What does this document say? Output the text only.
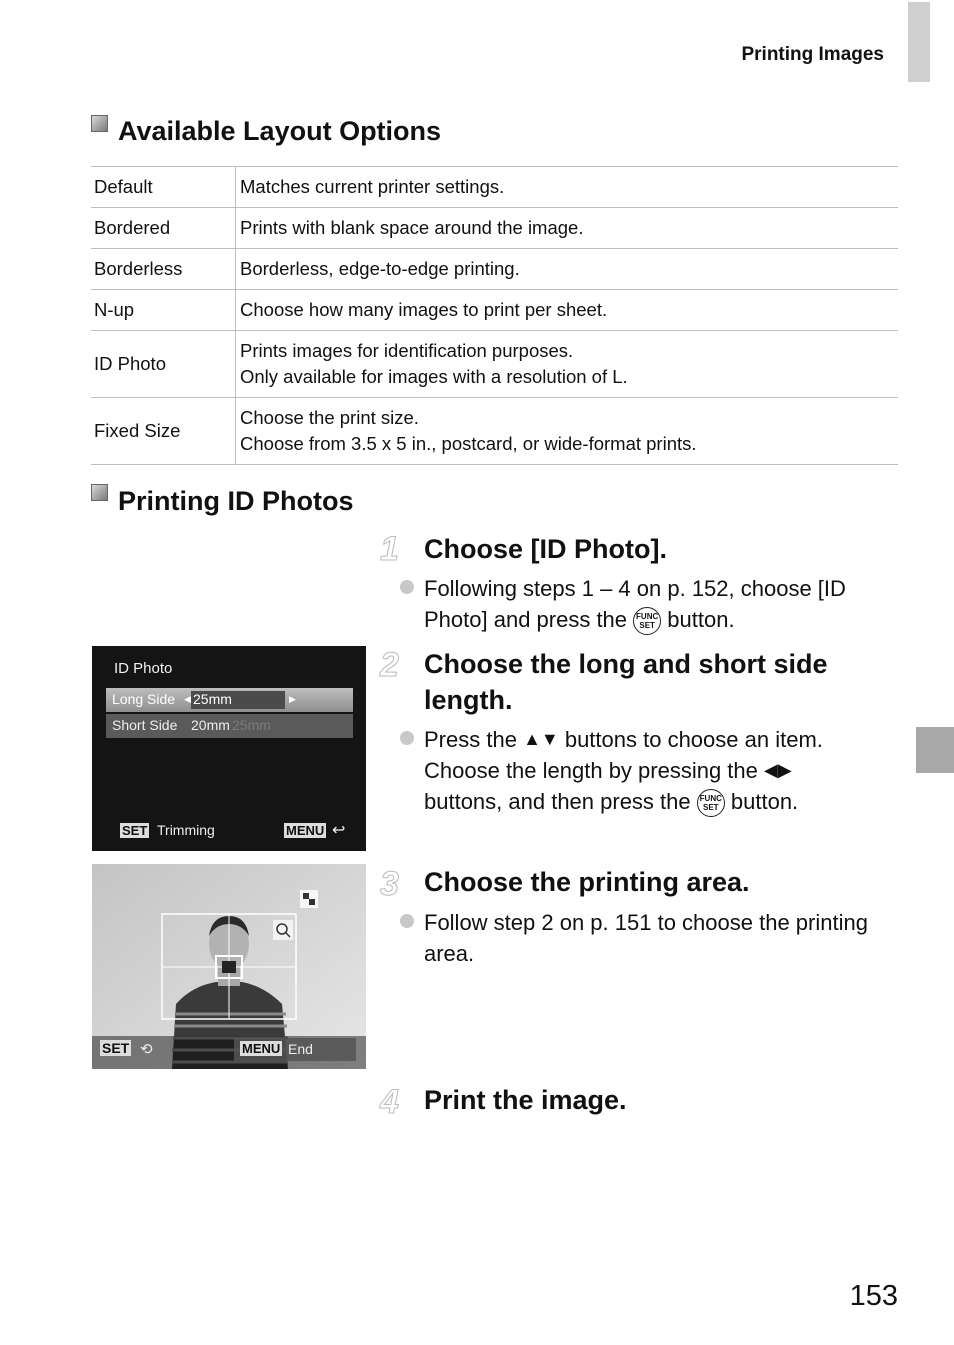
Printing Images
Available Layout Options
Default	Matches current printer settings.
Bordered	Prints with blank space around the image.
Borderless	Borderless, edge-to-edge printing.
N-up	Choose how many images to print per sheet.
ID Photo	Prints images for identification purposes.
Only available for images with a resolution of L.

Fixed Size	Choose the print size.
Choose from 3.5 x 5 in., postcard, or wide-format prints.
Printing ID Photos
1 Choose [ID Photo].
Following steps 1 – 4 on p. 152, choose [ID
Photo] and press the FUNC
SET button.
ID Photo
Long Side ◀ 25mm	▶
Short Side 20mm 25mm
SET Trimming	MENU ↩
2 Choose the long and short side
length.
Press the ▲▼ buttons to choose an item.
Choose the length by pressing the ◀▶
buttons, and then press the FUNC
SET button.
SET ⟲	MENU End
3 Choose the printing area.
Follow step 2 on p. 151 to choose the printing
area.
4 Print the image.
153
